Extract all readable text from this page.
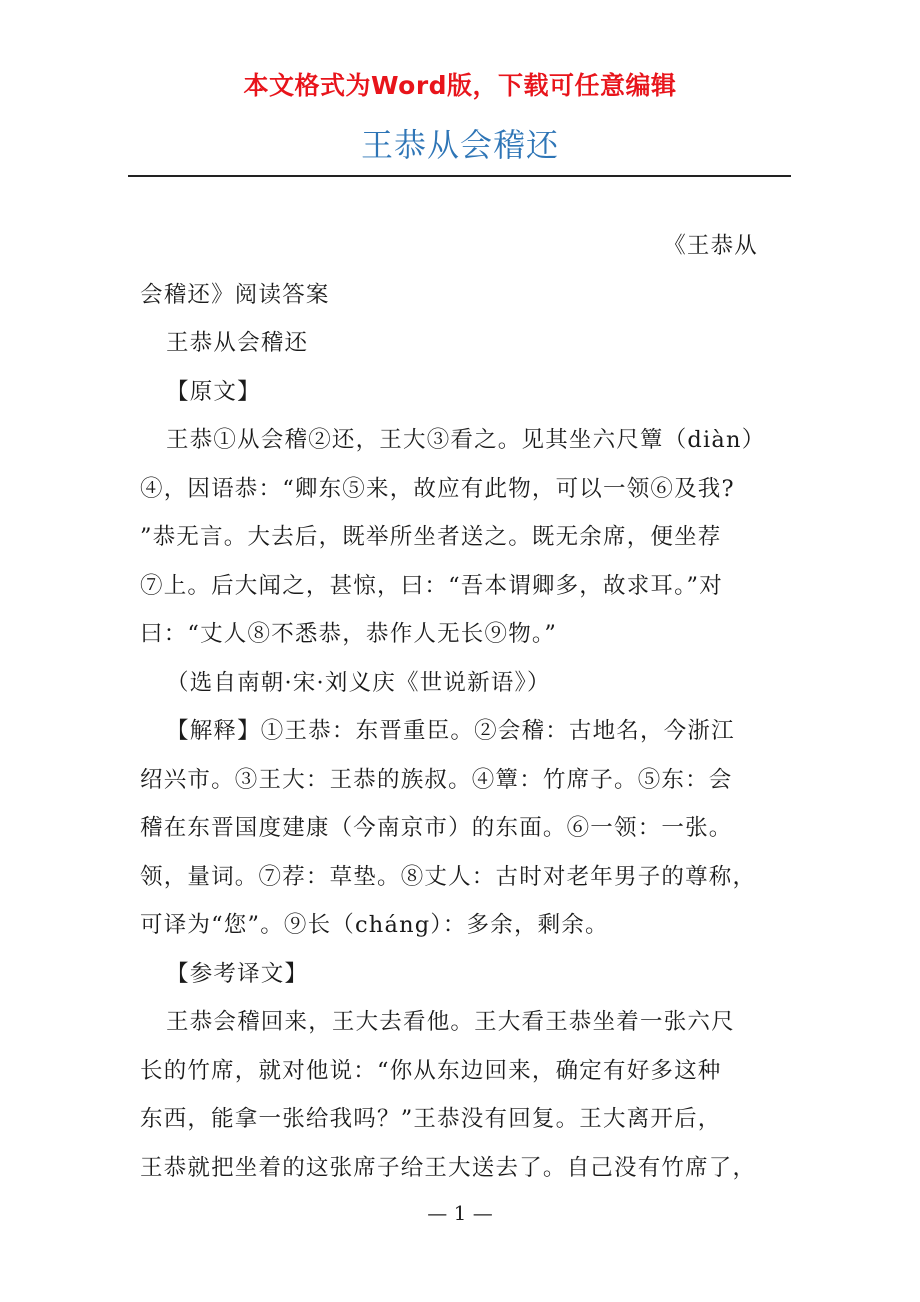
本文格式为Word版，下载可任意编辑
王恭从会稽还
《王恭从
会稽还》阅读答案
王恭从会稽还
【原文】
王恭①从会稽②还，王大③看之。见其坐六尺簟（diàn）
④，因语恭：“卿东⑤来，故应有此物，可以一领⑥及我?
”恭无言。大去后，既举所坐者送之。既无余席，便坐荐
⑦上。后大闻之，甚惊，曰：“吾本谓卿多，故求耳。”对
曰：“丈人⑧不悉恭，恭作人无长⑨物。”
（选自南朝·宋·刘义庆《世说新语》）
【解释】①王恭：东晋重臣。②会稽：古地名，今浙江
绍兴市。③王大：王恭的族叔。④簟：竹席子。⑤东：会
稽在东晋国度建康（今南京市）的东面。⑥一领：一张。
领，量词。⑦荐：草垫。⑧丈人：古时对老年男子的尊称，
可译为“您”。⑨长（cháng）：多余，剩余。
【参考译文】
王恭会稽回来，王大去看他。王大看王恭坐着一张六尺
长的竹席，就对他说：“你从东边回来，确定有好多这种
东西，能拿一张给我吗？”王恭没有回复。王大离开后，
王恭就把坐着的这张席子给王大送去了。自己没有竹席了，
— 1 —
